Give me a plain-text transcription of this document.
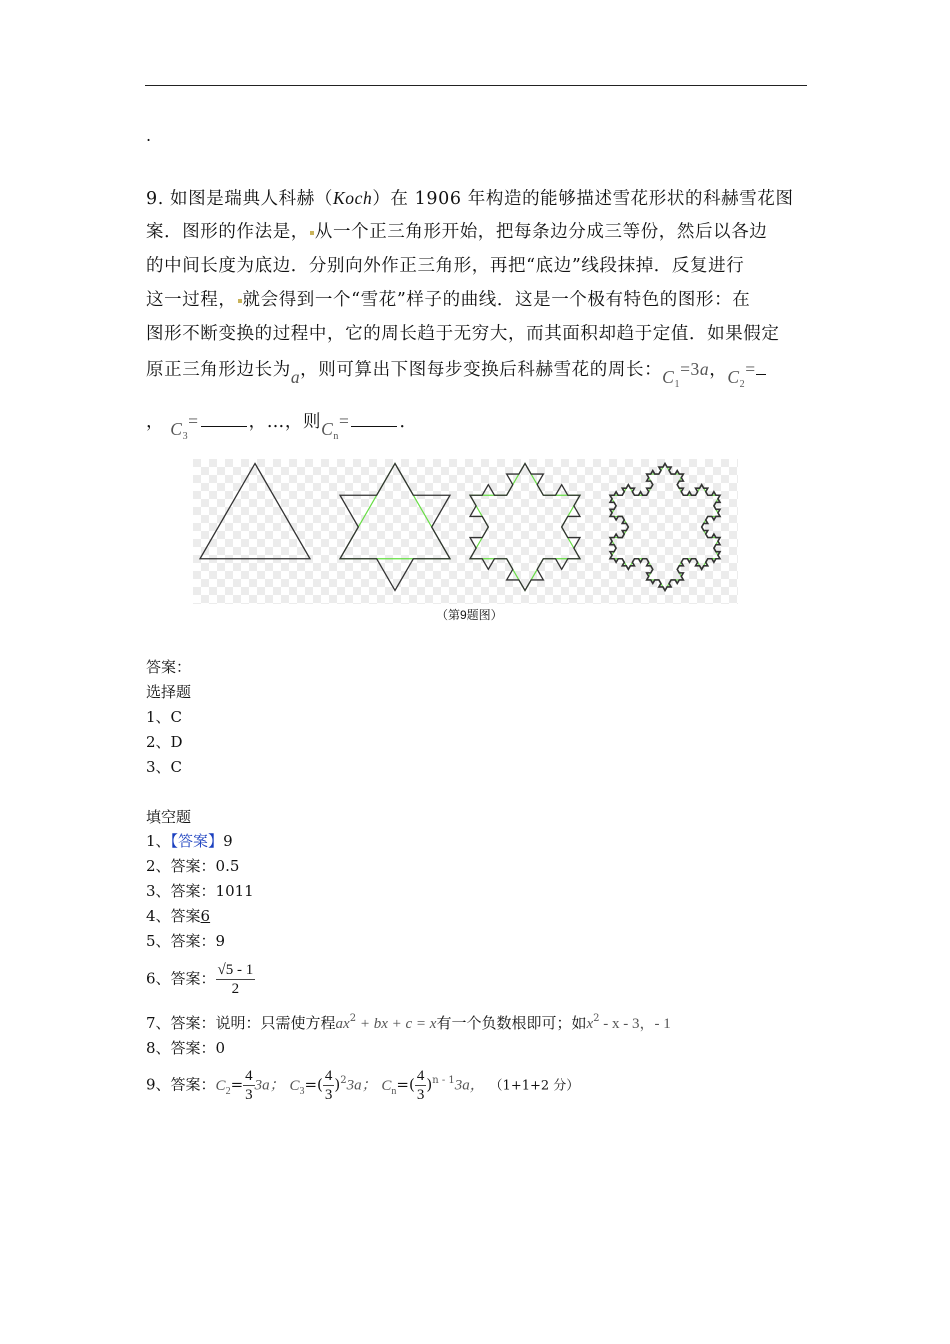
.
9. 如图是瑞典人科赫（Koch）在 1906 年构造的能够描述雪花形状的科赫雪花图
案．图形的作法是， 从一个正三角形开始，把每条边分成三等份，然后以各边
的中间长度为底边．分别向外作正三角形，再把“底边”线段抹掉．反复进行
这一过程， 就会得到一个“雪花”样子的曲线．这是一个极有特色的图形：在
图形不断变换的过程中，它的周长趋于无穷大，而其面积却趋于定值．如果假定
原正三角形边长为a，则可算出下图每步变换后科赫雪花的周长：$C_1=3a$，$C_2=$
， $C_3=$	，…，则$C_n=$	．
（第9题图）
答案：
选择题
1、C
2、D
3、C
填空题
1、【答案】9
2、答案：0.5
3、答案：1011
4、答案6
5、答案：9
6、答案： $\frac{√5 - 1}{2}$
7、答案：说明：只需使方程$ax^2$ + bx + c = x有一个负数根即可；如$x^2$ - x - 3，- 1
8、答案：0
9、答案：$C_2= \frac{4}{3} 3a$； $C_3=( \frac{4}{3} )^23a$； $C_n=( \frac{4}{3} )^{n - 1}3a$， （1+1+2 分）
